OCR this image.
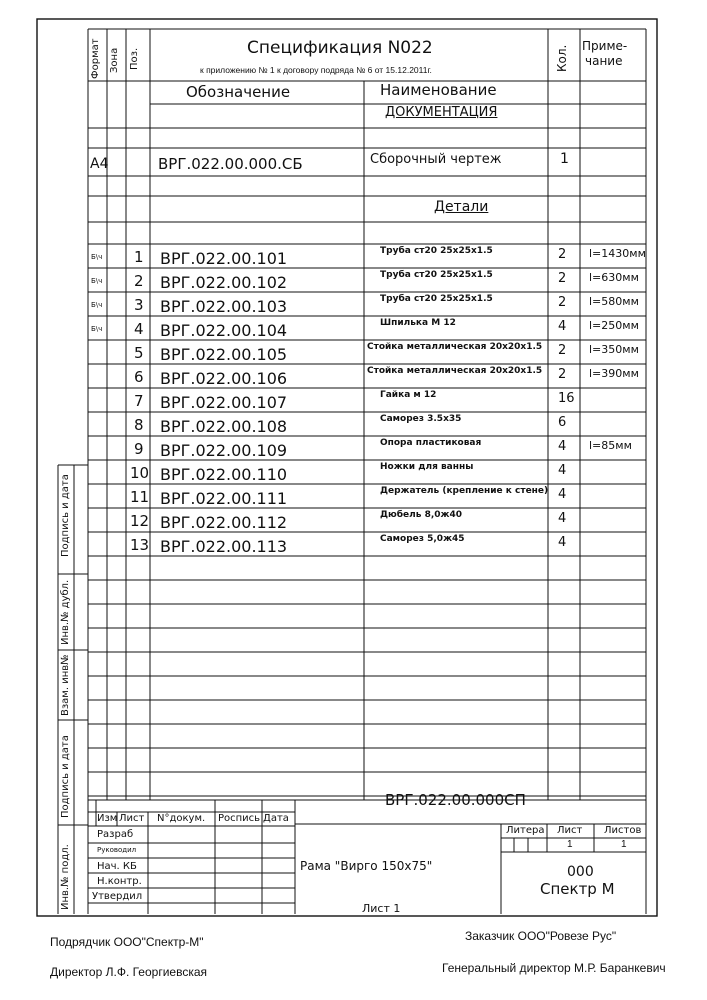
Спецификация N022
к приложению № 1 к договору подряда № 6 от 15.12.2011г.
Обозначение	Наименование
Приме-
чание
Формат Зона Поз.	Кол.
ДОКУМЕНТАЦИЯ
Детали
А4	ВРГ.022.00.000.СБ	Сборочный чертеж	1
Б\ч 1 ВРГ.022.00.101	Труба ст20 25х25х1.5	2 l=1430мм
Б\ч 2 ВРГ.022.00.102	Труба ст20 25х25х1.5	2 l=630мм
Б\ч 3 ВРГ.022.00.103	Труба ст20 25х25х1.5	2 l=580мм
Б\ч 4 ВРГ.022.00.104	Шпилька М 12	4 l=250мм
5 ВРГ.022.00.105	Стойка металлическая 20х20х1.5 2 l=350мм
6 ВРГ.022.00.106	Стойка металлическая 20х20х1.5 2 l=390мм
7 ВРГ.022.00.107	Гайка м 12	16
8 ВРГ.022.00.108	Саморез 3.5х35	6
9 ВРГ.022.00.109	Опора пластиковая	4 l=85мм
10 ВРГ.022.00.110	Ножки для ванны	4
11 ВРГ.022.00.111	Держатель (крепление к стене) 4
12 ВРГ.022.00.112	Дюбель 8,0ж40	4
13 ВРГ.022.00.113	Саморез 5,0ж45	4
Подпись и дата
Инв.№ дубл.
Взам. инв№
Подпись и дата
Инв.№ подл.
ВРГ.022.00.000СП
Изм Лист N°докум. Роспись Дата
Разраб
Руководил
Нач. КБ
Н.контр.
Утвердил
Рама "Вирго 150х75"
Литера Лист Листов
1	1
000
Спектр М
Лист 1
Подрядчик ООО"Спектр-М"	Заказчик ООО"Ровезе Рус"
Директор Л.Ф. Георгиевская	Генеральный директор М.Р. Баранкевич
